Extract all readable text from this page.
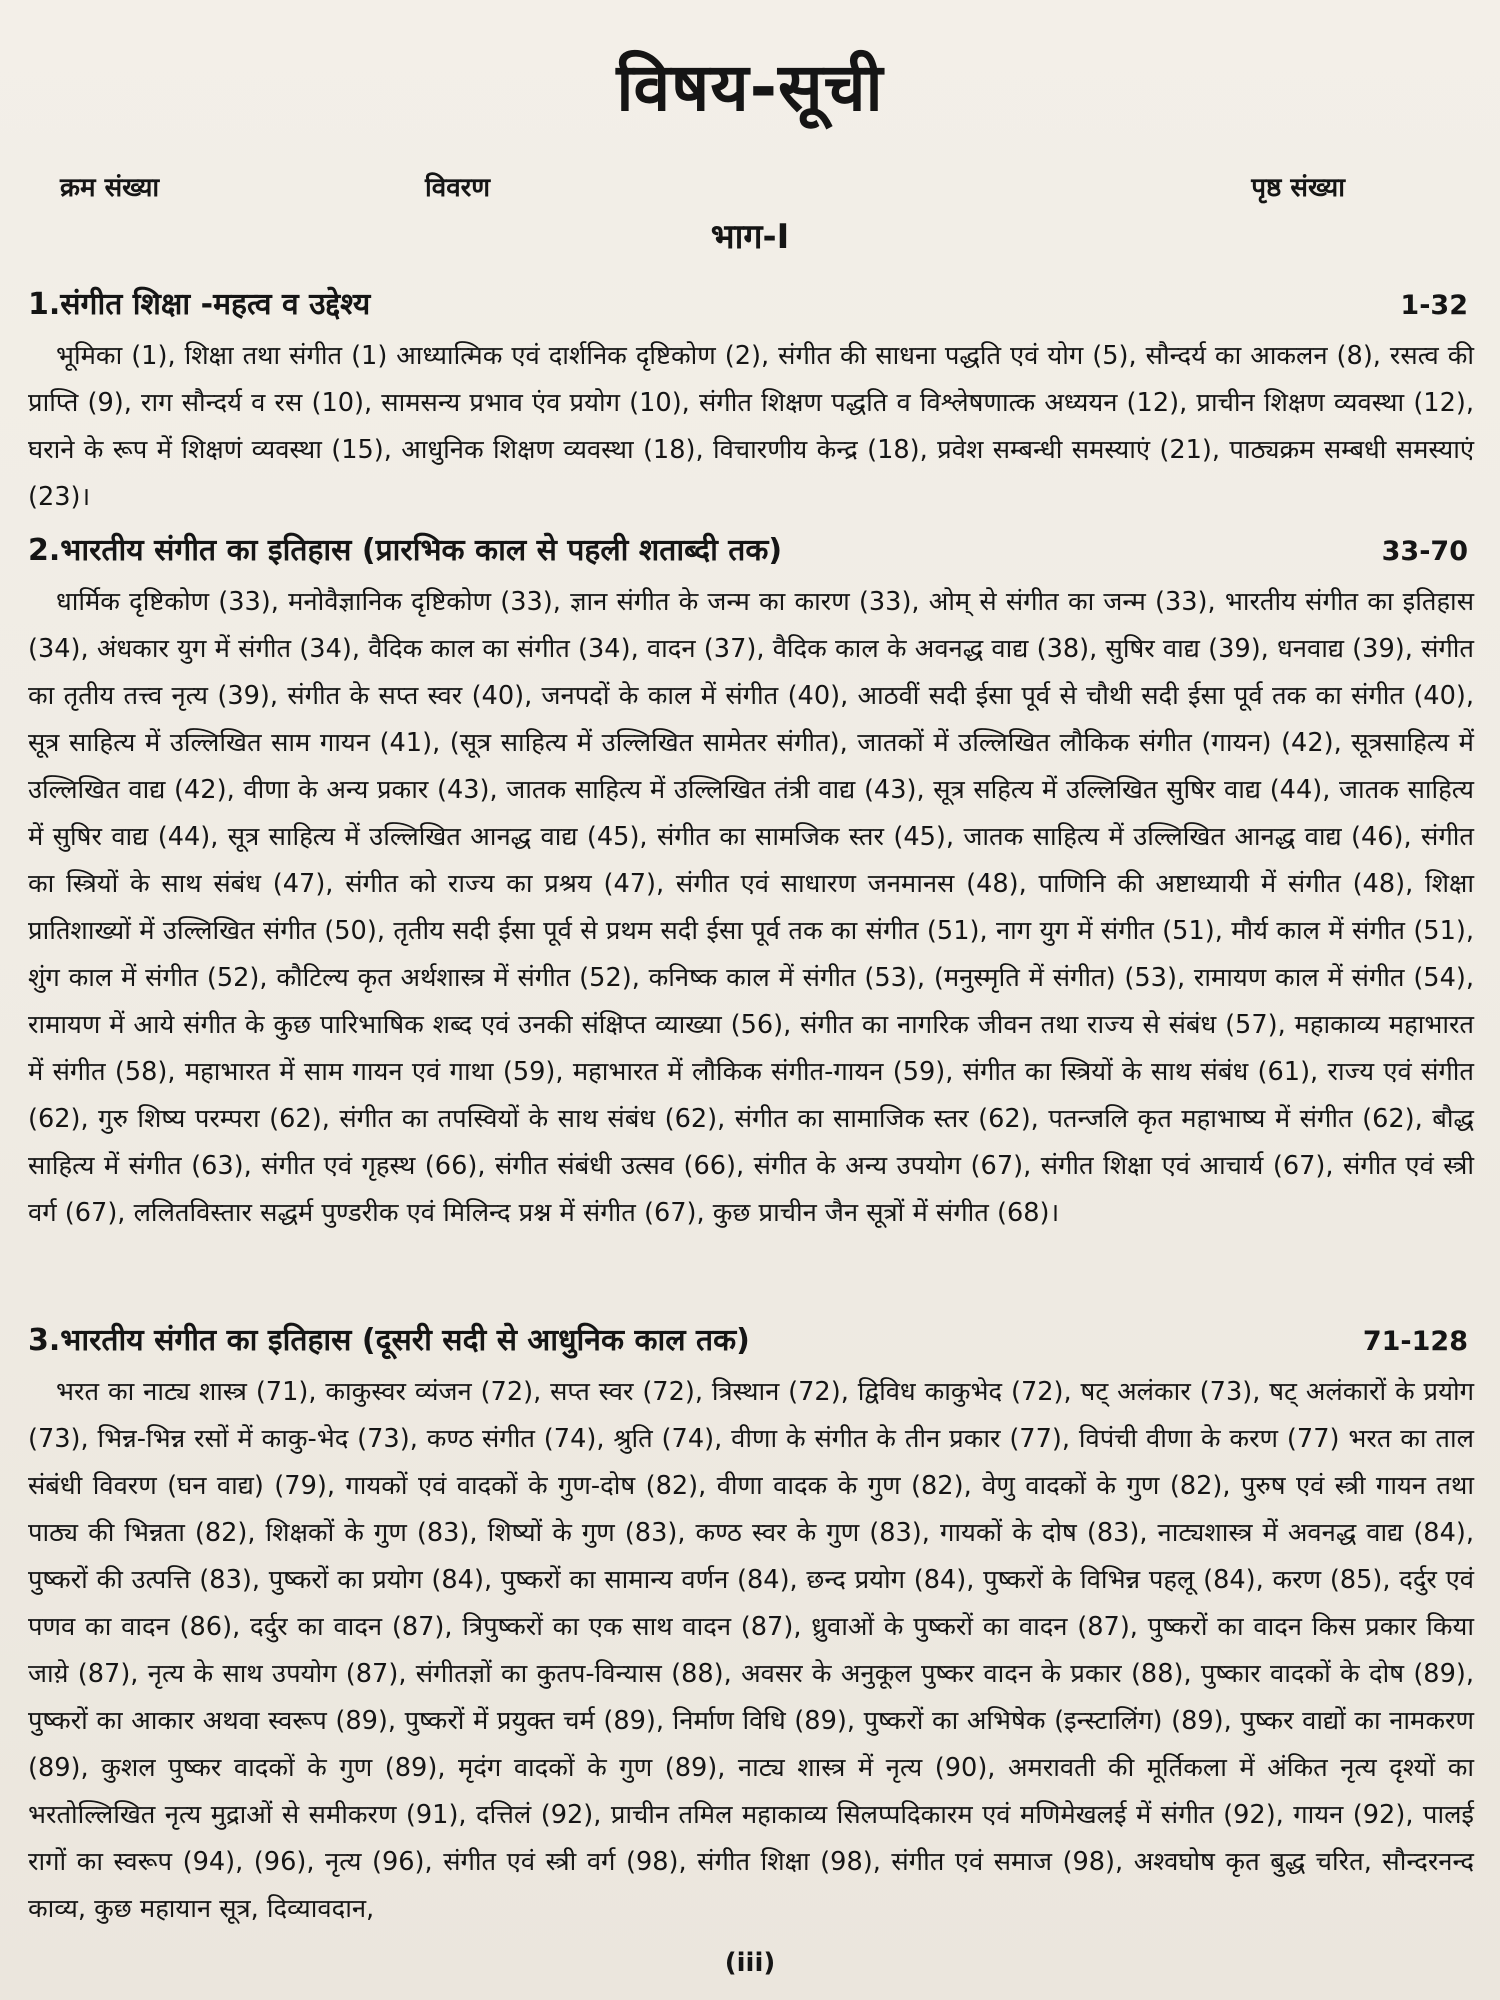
विषय-सूची
क्रम संख्या	विवरण	पृष्ठ संख्या
भाग-I
1.संगीत शिक्षा -महत्व व उद्देश्य	1-32

भूमिका (1), शिक्षा तथा संगीत (1) आध्यात्मिक एवं दार्शनिक दृष्टिकोण (2), संगीत की साधना पद्धति एवं योग (5), सौन्दर्य का आकलन (8), रसत्व की प्राप्ति (9), राग सौन्दर्य व रस (10), सामसन्य प्रभाव एंव प्रयोग (10), संगीत शिक्षण पद्धति व विश्लेषणात्क अध्ययन (12), प्राचीन शिक्षण व्यवस्था (12), घराने के रूप में शिक्षणं व्यवस्था (15), आधुनिक शिक्षण व्यवस्था (18), विचारणीय केन्द्र (18), प्रवेश सम्बन्धी समस्याएं (21), पाठ्यक्रम सम्बधी समस्याएं (23)।

2.भारतीय संगीत का इतिहास (प्रारभिक काल से पहली शताब्दी तक)	33-70

धार्मिक दृष्टिकोण (33), मनोवैज्ञानिक दृष्टिकोण (33), ज्ञान संगीत के जन्म का कारण (33), ओम् से संगीत का जन्म (33), भारतीय संगीत का इतिहास (34), अंधकार युग में संगीत (34), वैदिक काल का संगीत (34), वादन (37), वैदिक काल के अवनद्ध वाद्य (38), सुषिर वाद्य (39), धनवाद्य (39), संगीत का तृतीय तत्त्व नृत्य (39), संगीत के सप्त स्वर (40), जनपदों के काल में संगीत (40), आठवीं सदी ईसा पूर्व से चौथी सदी ईसा पूर्व तक का संगीत (40), सूत्र साहित्य में उल्लिखित साम गायन (41), (सूत्र साहित्य में उल्लिखित सामेतर संगीत), जातकों में उल्लिखित लौकिक संगीत (गायन) (42), सूत्रसाहित्य में उल्लिखित वाद्य (42), वीणा के अन्य प्रकार (43), जातक साहित्य में उल्लिखित तंत्री वाद्य (43), सूत्र सहित्य में उल्लिखित सुषिर वाद्य (44), जातक साहित्य में सुषिर वाद्य (44), सूत्र साहित्य में उल्लिखित आनद्ध वाद्य (45), संगीत का सामजिक स्तर (45), जातक साहित्य में उल्लिखित आनद्ध वाद्य (46), संगीत का स्त्रियों के साथ संबंध (47), संगीत को राज्य का प्रश्रय (47), संगीत एवं साधारण जनमानस (48), पाणिनि की अष्टाध्यायी में संगीत (48), शिक्षा प्रातिशाख्यों में उल्लिखित संगीत (50), तृतीय सदी ईसा पूर्व से प्रथम सदी ईसा पूर्व तक का संगीत (51), नाग युग में संगीत (51), मौर्य काल में संगीत (51), शुंग काल में संगीत (52), कौटिल्य कृत अर्थशास्त्र में संगीत (52), कनिष्क काल में संगीत (53), (मनुस्मृति में संगीत) (53), रामायण काल में संगीत (54), रामायण में आये संगीत के कुछ पारिभाषिक शब्द एवं उनकी संक्षिप्त व्याख्या (56), संगीत का नागरिक जीवन तथा राज्य से संबंध (57), महाकाव्य महाभारत में संगीत (58), महाभारत में साम गायन एवं गाथा (59), महाभारत में लौकिक संगीत-गायन (59), संगीत का स्त्रियों के साथ संबंध (61), राज्य एवं संगीत (62), गुरु शिष्य परम्परा (62), संगीत का तपस्वियों के साथ संबंध (62), संगीत का सामाजिक स्तर (62), पतन्जलि कृत महाभाष्य में संगीत (62), बौद्ध साहित्य में संगीत (63), संगीत एवं गृहस्थ (66), संगीत संबंधी उत्सव (66), संगीत के अन्य उपयोग (67), संगीत शिक्षा एवं आचार्य (67), संगीत एवं स्त्री वर्ग (67), ललितविस्तार सद्धर्म पुण्डरीक एवं मिलिन्द प्रश्न में संगीत (67), कुछ प्राचीन जैन सूत्रों में संगीत (68)।

3.भारतीय संगीत का इतिहास (दूसरी सदी से आधुनिक काल तक)	71-128

भरत का नाट्य शास्त्र (71), काकुस्वर व्यंजन (72), सप्त स्वर (72), त्रिस्थान (72), द्विविध काकुभेद (72), षट् अलंकार (73), षट् अलंकारों के प्रयोग (73), भिन्न-भिन्न रसों में काकु-भेद (73), कण्ठ संगीत (74), श्रुति (74), वीणा के संगीत के तीन प्रकार (77), विपंची वीणा के करण (77) भरत का ताल संबंधी विवरण (घन वाद्य) (79), गायकों एवं वादकों के गुण-दोष (82), वीणा वादक के गुण (82), वेणु वादकों के गुण (82), पुरुष एवं स्त्री गायन तथा पाठ्य की भिन्नता (82), शिक्षकों के गुण (83), शिष्यों के गुण (83), कण्ठ स्वर के गुण (83), गायकों के दोष (83), नाट्यशास्त्र में अवनद्ध वाद्य (84), पुष्करों की उत्पत्ति (83), पुष्करों का प्रयोग (84), पुष्करों का सामान्य वर्णन (84), छन्द प्रयोग (84), पुष्करों के विभिन्न पहलू (84), करण (85), दर्दुर एवं पणव का वादन (86), दर्दुर का वादन (87), त्रिपुष्करों का एक साथ वादन (87), ध्रुवाओं के पुष्करों का वादन (87), पुष्करों का वादन किस प्रकार किया जाय़े (87), नृत्य के साथ उपयोग (87), संगीतज्ञों का कुतप-विन्यास (88), अवसर के अनुकूल पुष्कर वादन के प्रकार (88), पुष्कार वादकों के दोष (89), पुष्करों का आकार अथवा स्वरूप (89), पुष्करों में प्रयुक्त चर्म (89), निर्माण विधि (89), पुष्करों का अभिषेक (इन्स्टालिंग) (89), पुष्कर वाद्यों का नामकरण (89), कुशल पुष्कर वादकों के गुण (89), मृदंग वादकों के गुण (89), नाट्य शास्त्र में नृत्य (90), अमरावती की मूर्तिकला में अंकित नृत्य दृश्यों का भरतोल्लिखित नृत्य मुद्राओं से समीकरण (91), दत्तिलं (92), प्राचीन तमिल महाकाव्य सिलप्पदिकारम एवं मणिमेखलई में संगीत (92), गायन (92), पालई रागों का स्वरूप (94), (96), नृत्य (96), संगीत एवं स्त्री वर्ग (98), संगीत शिक्षा (98), संगीत एवं समाज (98), अश्वघोष कृत बुद्ध चरित, सौन्दरनन्द काव्य, कुछ महायान सूत्र, दिव्यावदान,

(iii)
